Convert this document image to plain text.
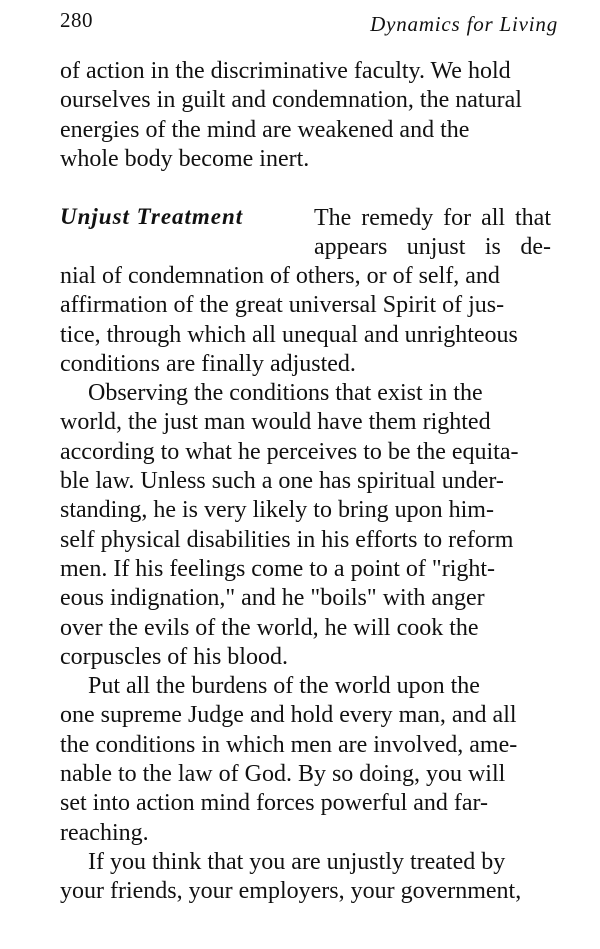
280	Dynamics for Living
of action in the discriminative faculty. We hold
ourselves in guilt and condemnation, the natural
energies of the mind are weakened and the
whole body become inert.
Unjust Treatment	The remedy for all that
appears unjust is de-
nial of condemnation of others, or of self, and
affirmation of the great universal Spirit of jus-
tice, through which all unequal and unrighteous
conditions are finally adjusted.
Observing the conditions that exist in the
world, the just man would have them righted
according to what he perceives to be the equita-
ble law. Unless such a one has spiritual under-
standing, he is very likely to bring upon him-
self physical disabilities in his efforts to reform
men. If his feelings come to a point of "right-
eous indignation," and he "boils" with anger
over the evils of the world, he will cook the
corpuscles of his blood.
Put all the burdens of the world upon the
one supreme Judge and hold every man, and all
the conditions in which men are involved, ame-
nable to the law of God. By so doing, you will
set into action mind forces powerful and far-
reaching.
If you think that you are unjustly treated by
your friends, your employers, your government,
